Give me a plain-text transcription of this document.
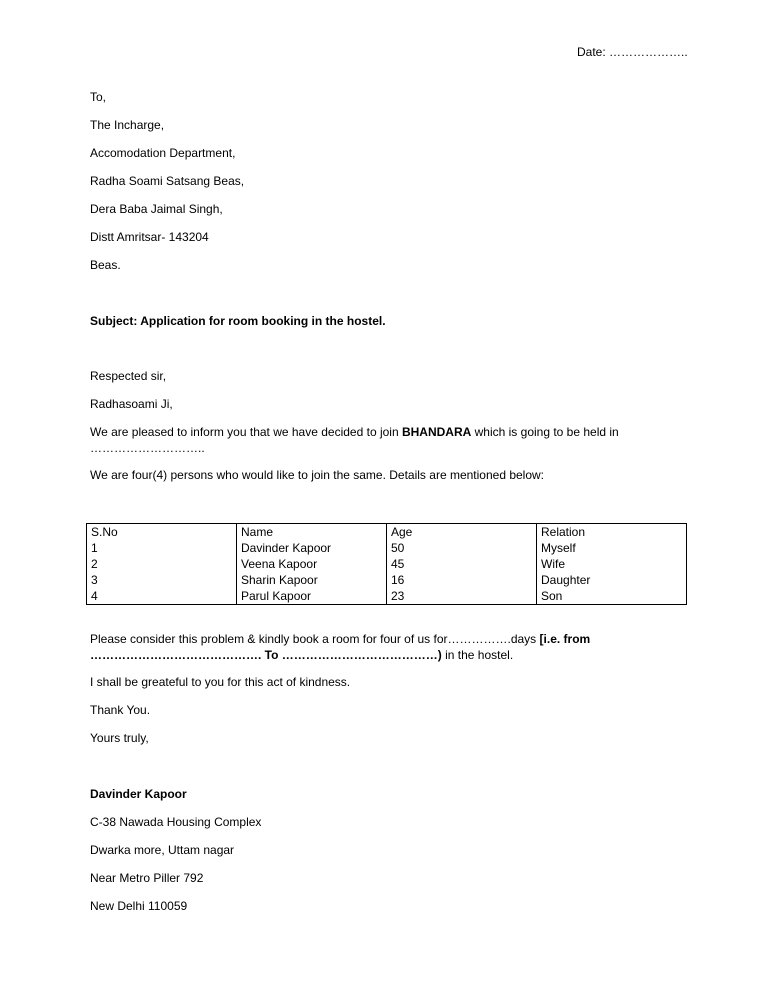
Date: ………………..
To,
The Incharge,
Accomodation Department,
Radha Soami Satsang Beas,
Dera Baba Jaimal Singh,
Distt Amritsar- 143204
Beas.
Subject: Application for room booking in the hostel.
Respected sir,
Radhasoami Ji,
We are pleased to inform you that we have decided to join BHANDARA which is going to be held in
………………………..
We are four(4) persons who would like to join the same. Details are mentioned below:
S.No	Name	Age	Relation
1	Davinder Kapoor	50	Myself
2	Veena Kapoor	45	Wife
3	Sharin Kapoor	16	Daughter
4	Parul Kapoor	23	Son
Please consider this problem & kindly book a room for four of us for…………….days [i.e. from
……………………………………. To …………………………………) in the hostel.
I shall be greateful to you for this act of kindness.
Thank You.
Yours truly,
Davinder Kapoor
C-38 Nawada Housing Complex
Dwarka more, Uttam nagar
Near Metro Piller 792
New Delhi 110059
